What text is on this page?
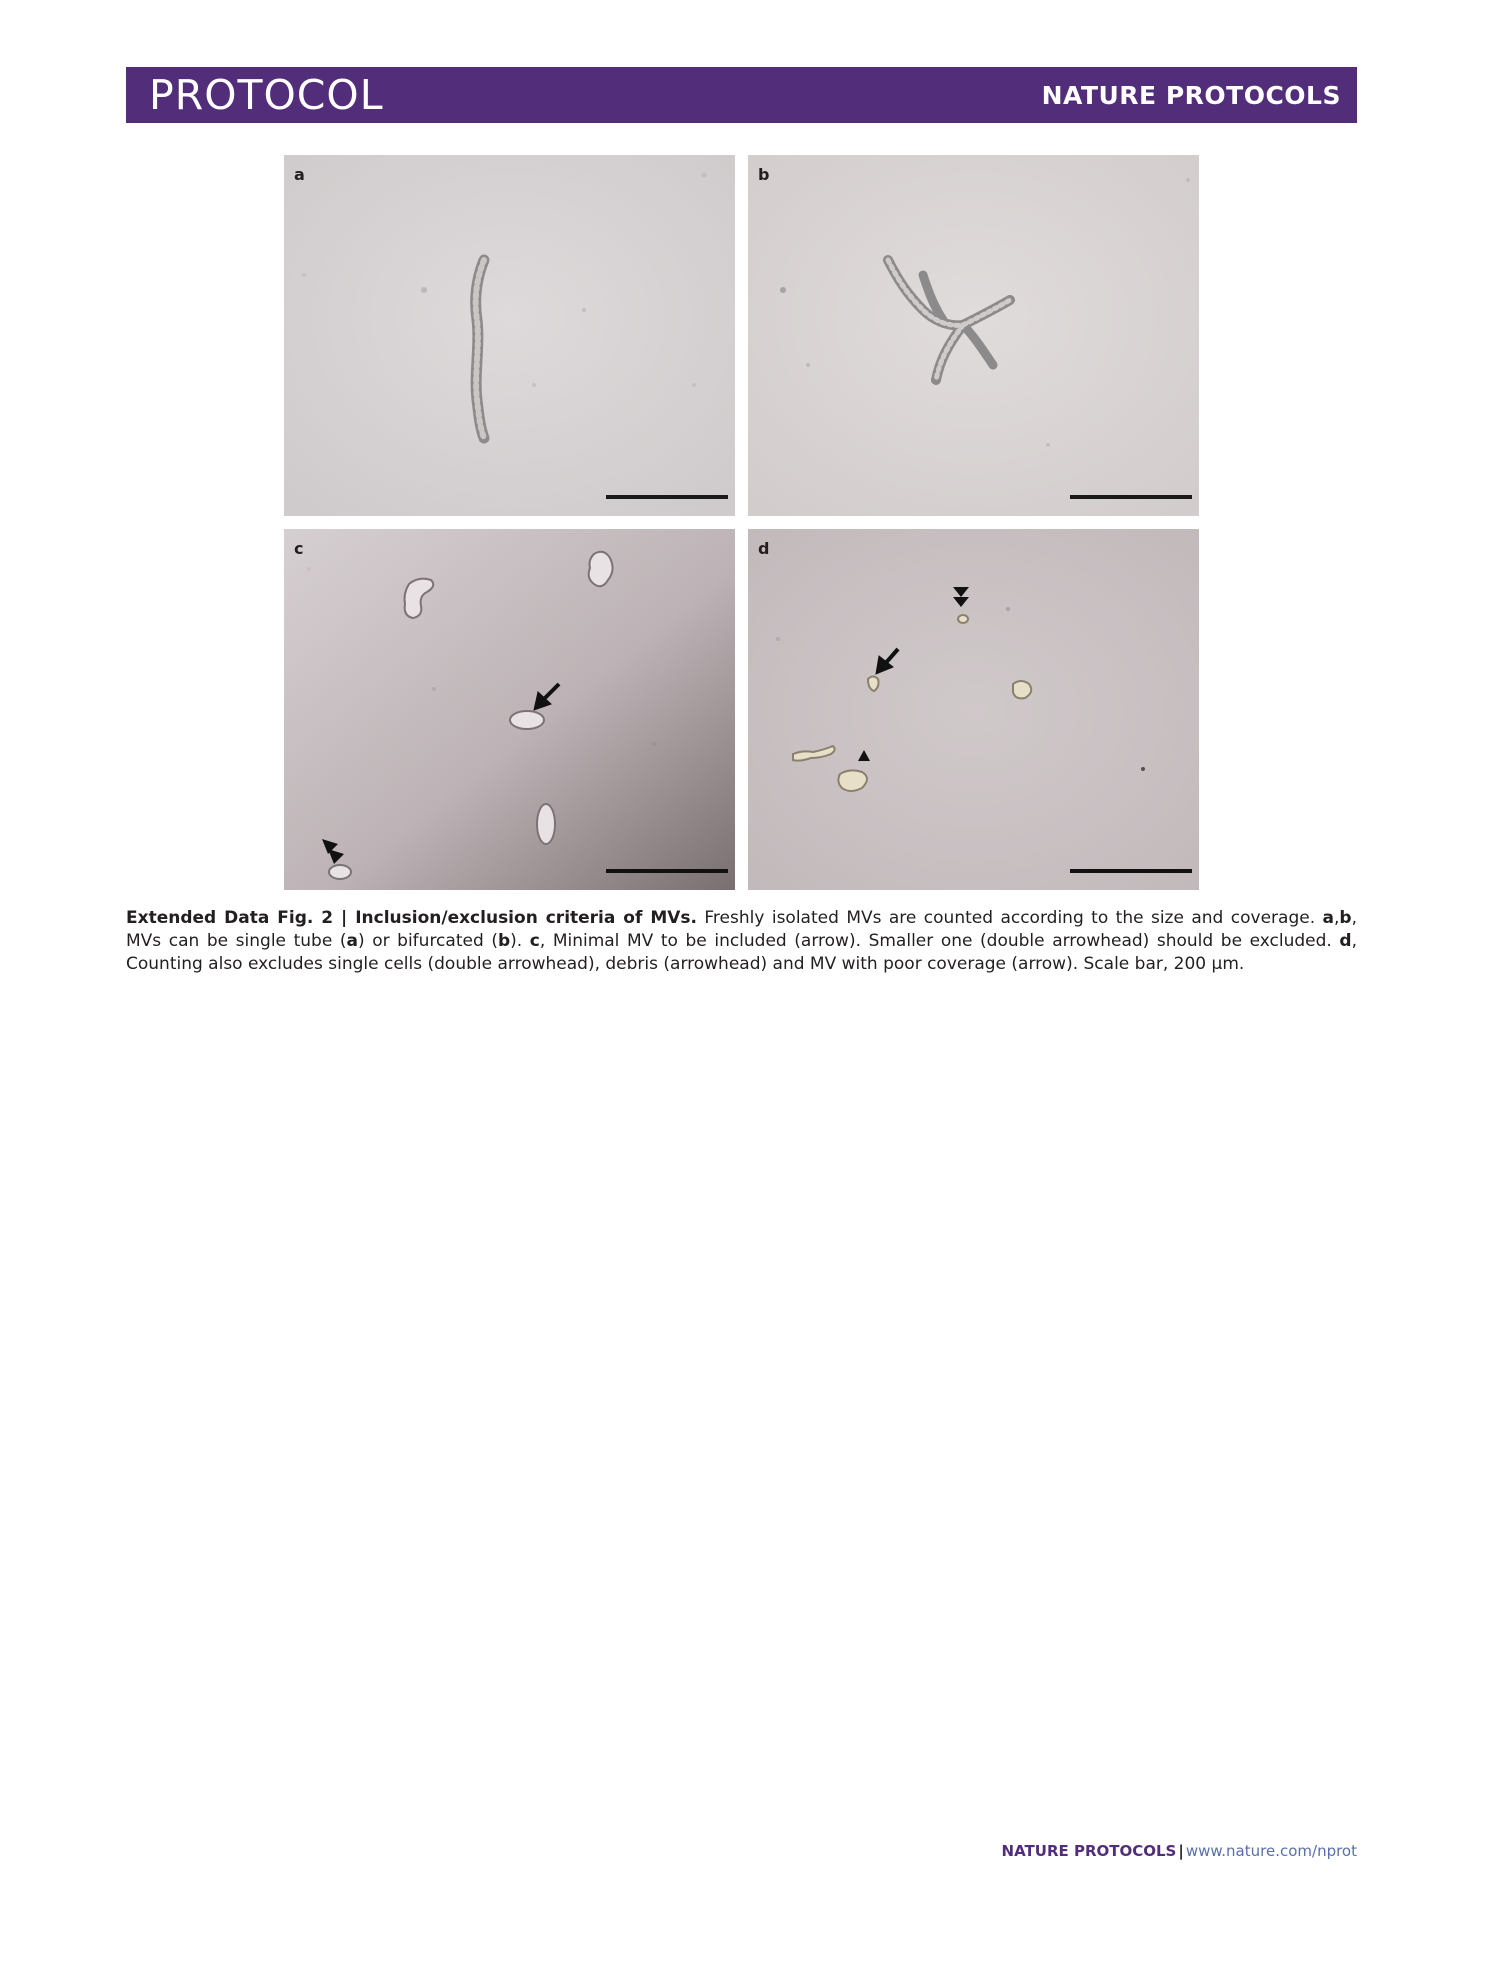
PROTOCOL	NATURE PROTOCOLS
a	b
c	d
Extended Data Fig. 2 | Inclusion/exclusion criteria of MVs. Freshly isolated MVs are counted according to the size and coverage. a,b, MVs can be single tube (a) or bifurcated (b). c, Minimal MV to be included (arrow). Smaller one (double arrowhead) should be excluded. d, Counting also excludes single cells (double arrowhead), debris (arrowhead) and MV with poor coverage (arrow). Scale bar, 200 µm.
NATURE PROTOCOLS | www.nature.com/nprot
